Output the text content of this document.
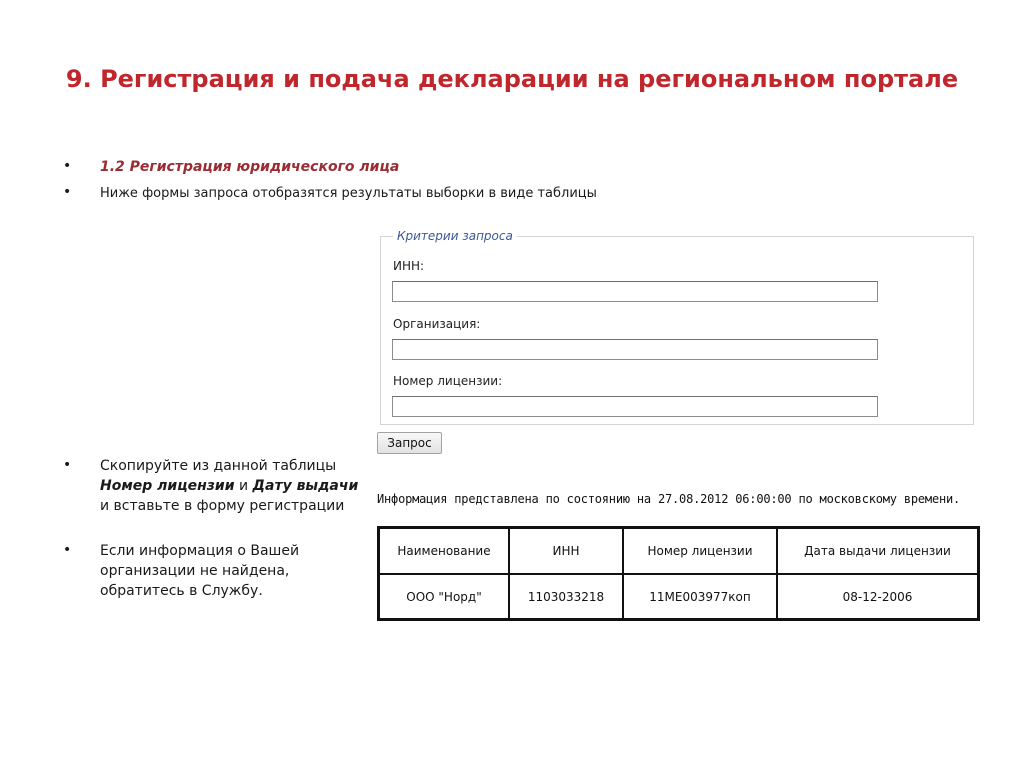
9. Регистрация и подача декларации на региональном портале
• 1.2 Регистрация юридического лица
• Ниже формы запроса отобразятся результаты выборки в виде таблицы
Критерии запроса
ИНН:
Организация:
Номер лицензии:
Запрос
• Скопируйте из данной таблицы
Номер лицензии и Дату выдачи
и вставьте в форму регистрации
• Если информация о Вашей
организации не найдена,
обратитесь в Службу.
Информация представлена по состоянию на 27.08.2012 06:00:00 по московскому времени.
Наименование	ИНН	Номер лицензии	Дата выдачи лицензии
ООО "Норд"	1103033218	11МЕ003977коп	08-12-2006
